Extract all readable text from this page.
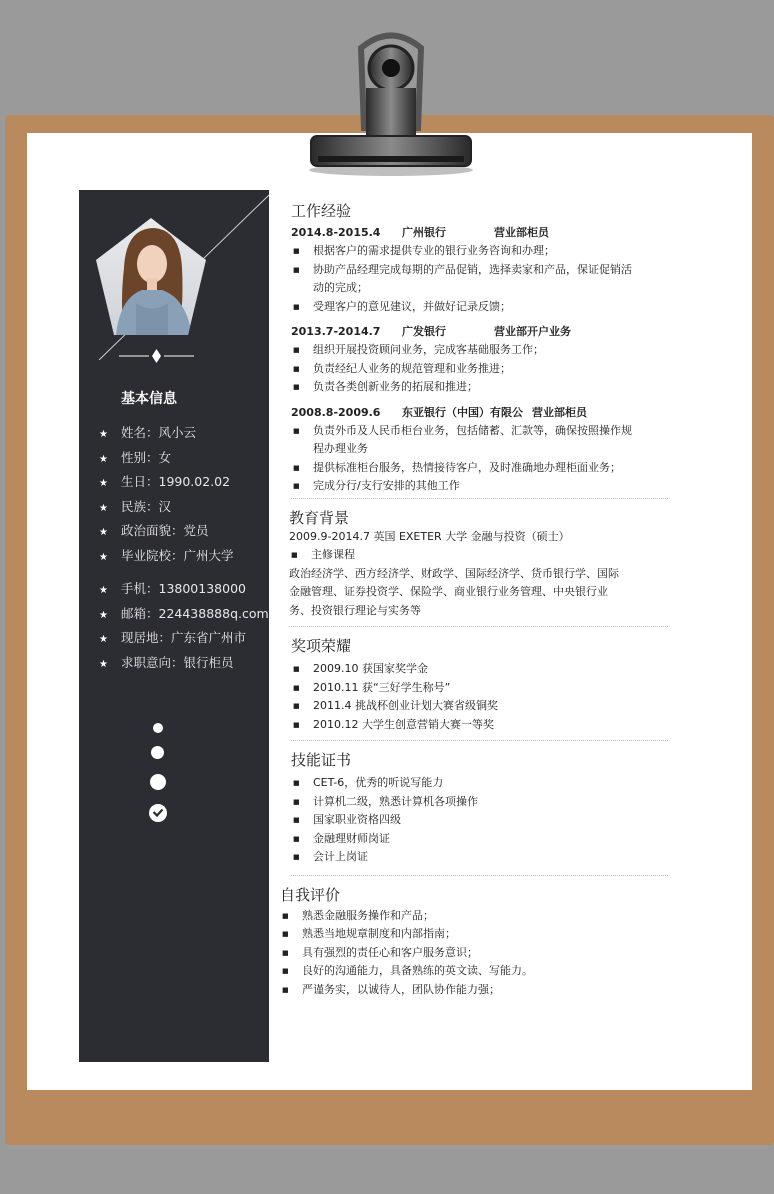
基本信息
★ 姓名：风小云
★ 性别：女
★ 生日：1990.02.02
★ 民族：汉
★ 政治面貌：党员
★ 毕业院校：广州大学
★ 手机：13800138000
★ 邮箱：224438888q.com
★ 现居地：广东省广州市
★ 求职意向：银行柜员
工作经验
2014.8-2015.4 广州银行	营业部柜员
■ 根据客户的需求提供专业的银行业务咨询和办理；
■ 协助产品经理完成每期的产品促销，选择卖家和产品，保证促销活动的完成；
■ 受理客户的意见建议，并做好记录反馈；
2013.7-2014.7 广发银行	营业部开户业务
■ 组织开展投资顾问业务，完成客基础服务工作；
■ 负责经纪人业务的规范管理和业务推进；
■ 负责各类创新业务的拓展和推进；
2008.8-2009.6 东亚银行（中国）有限公 营业部柜员
■ 负责外币及人民币柜台业务，包括储蓄、汇款等，确保按照操作规程办理业务
■ 提供标准柜台服务，热情接待客户，及时准确地办理柜面业务；
■ 完成分行/支行安排的其他工作
教育背景
2009.9-2014.7 英国 EXETER 大学 金融与投资（硕士）
■ 主修课程
政治经济学、西方经济学、财政学、国际经济学、货币银行学、国际金融管理、证券投资学、保险学、商业银行业务管理、中央银行业务、投资银行理论与实务等
奖项荣耀
■ 2009.10 获国家奖学金
■ 2010.11 获“三好学生称号”
■ 2011.4 挑战杯创业计划大赛省级铜奖
■ 2010.12 大学生创意营销大赛一等奖
技能证书
■ CET-6，优秀的听说写能力
■ 计算机二级，熟悉计算机各项操作
■ 国家职业资格四级
■ 金融理财师岗证
■ 会计上岗证
自我评价
■ 熟悉金融服务操作和产品；
■ 熟悉当地规章制度和内部指南；
■ 具有强烈的责任心和客户服务意识；
■ 良好的沟通能力，具备熟练的英文读、写能力。
■ 严谨务实，以诚待人，团队协作能力强；
